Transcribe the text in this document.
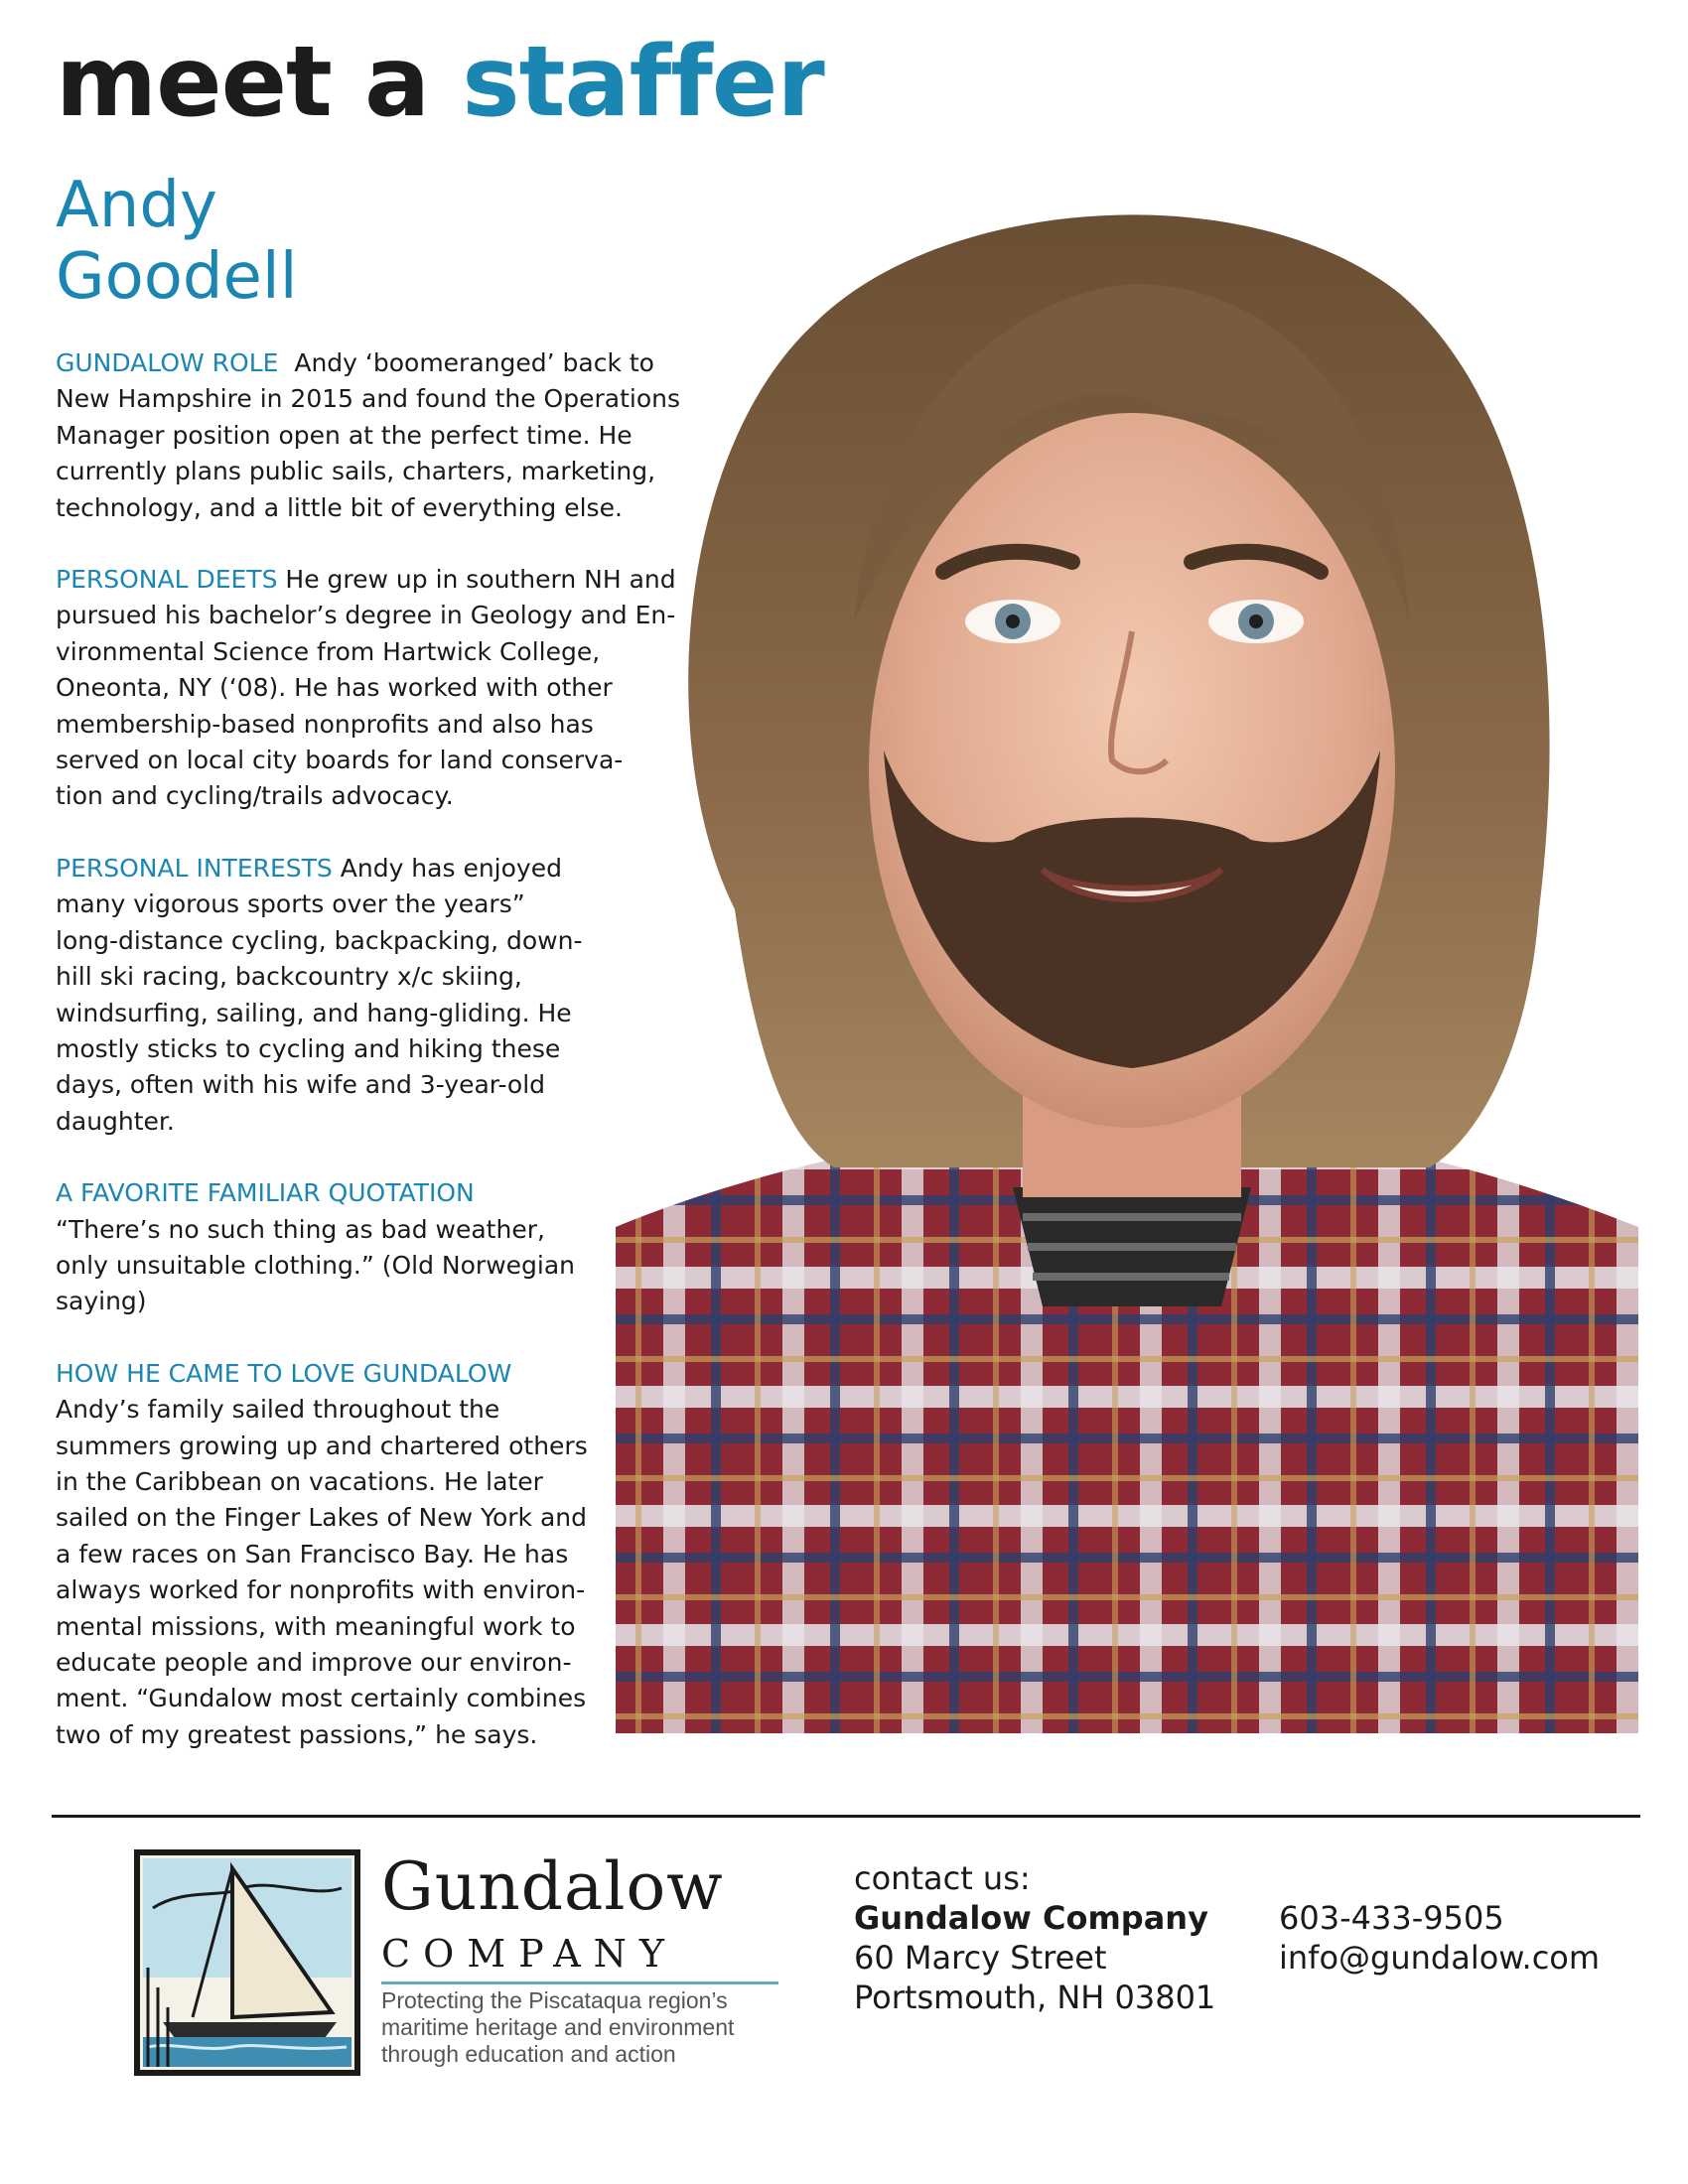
meet a staffer
Andy
Goodell

GUNDALOW ROLE Andy ‘boomeranged’ back to
New Hampshire in 2015 and found the Operations
Manager position open at the perfect time. He
currently plans public sails, charters, marketing,
technology, and a little bit of everything else.

PERSONAL DEETS He grew up in southern NH and
pursued his bachelor’s degree in Geology and En-
vironmental Science from Hartwick College,
Oneonta, NY (‘08). He has worked with other
membership-based nonprofits and also has
served on local city boards for land conserva-
tion and cycling/trails advocacy.

PERSONAL INTERESTS Andy has enjoyed
many vigorous sports over the years”
long-distance cycling, backpacking, down-
hill ski racing, backcountry x/c skiing,
windsurfing, sailing, and hang-gliding. He
mostly sticks to cycling and hiking these
days, often with his wife and 3-year-old
daughter.

A FAVORITE FAMILIAR QUOTATION
“There’s no such thing as bad weather,
only unsuitable clothing.” (Old Norwegian
saying)

HOW HE CAME TO LOVE GUNDALOW
Andy’s family sailed throughout the
summers growing up and chartered others
in the Caribbean on vacations. He later
sailed on the Finger Lakes of New York and
a few races on San Francisco Bay. He has
always worked for nonprofits with environ-
mental missions, with meaningful work to
educate people and improve our environ-
ment. “Gundalow most certainly combines
two of my greatest passions,” he says.

Gundalow
COMPANY
Protecting the Piscataqua region’s
maritime heritage and environment
through education and action
contact us:
Gundalow Company
60 Marcy Street
Portsmouth, NH 03801
603-433-9505
info@gundalow.com
